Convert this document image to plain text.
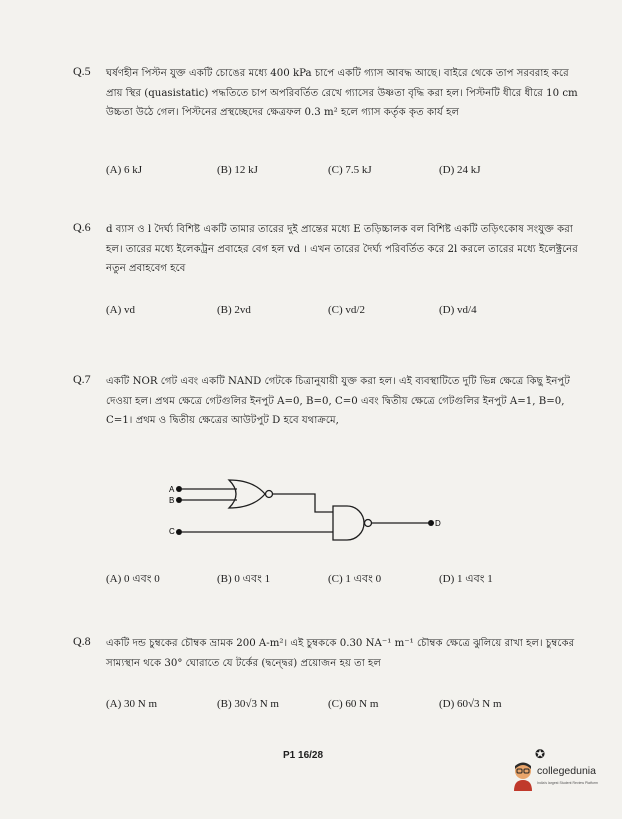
Q.5 ঘর্ষণহীন পিস্টন যুক্ত একটি চোঙের মধ্যে 400 kPa চাপে একটি গ্যাস আবদ্ধ আছে। বাইরে থেকে তাপ সরবরাহ করে প্রায় স্থির (quasistatic) পদ্ধতিতে চাপ অপরিবর্তিত রেখে গ্যাসের উষ্ণতা বৃদ্ধি করা হল। পিস্টনটি ধীরে ধীরে 10 cm উচ্চতা উঠে গেল। পিস্টনের প্রস্থচ্ছেদের ক্ষেত্রফল 0.3 m² হলে গ্যাস কর্তৃক কৃত কার্য হল
(A) 6 kJ	(B) 12 kJ	(C) 7.5 kJ	(D) 24 kJ
Q.6 d ব্যাস ও l দৈর্ঘ্য বিশিষ্ট একটি তামার তারের দুই প্রান্তের মধ্যে E তড়িচ্চালক বল বিশিষ্ট একটি তড়িৎকোষ সংযুক্ত করা হল। তারের মধ্যে ইলেকট্রন প্রবাহের বেগ হল vd । এখন তারের দৈর্ঘ্য পরিবর্তিত করে 2l করলে তারের মধ্যে ইলেক্ট্রনের নতুন প্রবাহবেগ হবে
(A) vd	(B) 2vd	(C) vd/2	(D) vd/4
Q.7 একটি NOR গেট এবং একটি NAND গেটকে চিত্রানুযায়ী যুক্ত করা হল। এই ব্যবস্থাটিতে দুটি ভিন্ন ক্ষেত্রে কিছু ইনপুট দেওয়া হল। প্রথম ক্ষেত্রে গেটগুলির ইনপুট A=0, B=0, C=0 এবং দ্বিতীয় ক্ষেত্রে গেটগুলির ইনপুট A=1, B=0, C=1। প্রথম ও দ্বিতীয় ক্ষেত্রের আউটপুট D হবে যথাক্রমে,
(A) 0 এবং 0	(B) 0 এবং 1	(C) 1 এবং 0	(D) 1 এবং 1
A
B
C
D
Q.8 একটি দন্ড চুম্বকের চৌম্বক ভ্রামক 200 A-m²। এই চুম্বককে 0.30 NA⁻¹ m⁻¹ চৌম্বক ক্ষেত্রে ঝুলিয়ে রাখা হল। চুম্বকের সাম্যস্থান থকে 30° ঘোরাতে যে টর্কের (দ্বন্দ্বের) প্রয়োজন হয় তা হল
(A) 30 N m	(B) 30√3 N m	(C) 60 N m	(D) 60√3 N m
P1 16/28	✪
collegedunia
India's largest Student Review Platform
